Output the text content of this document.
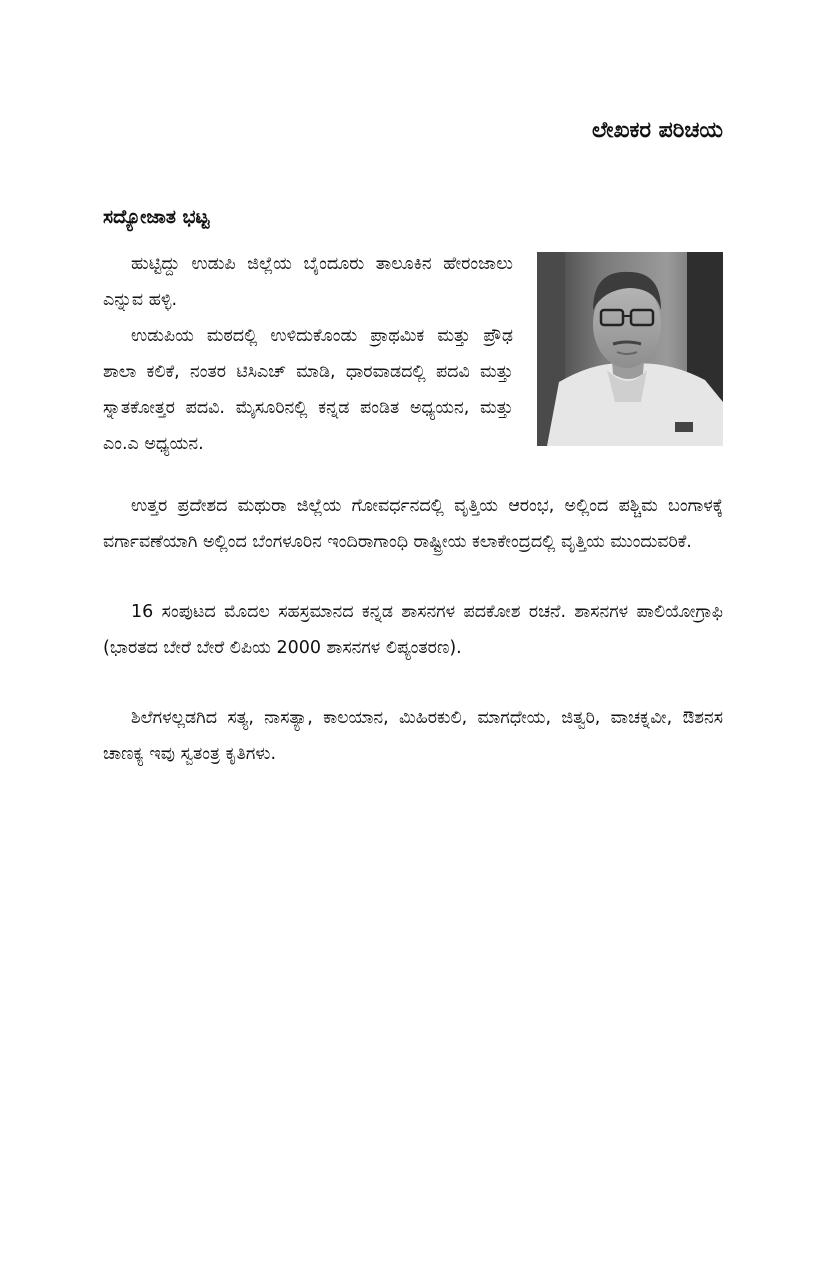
ಲೇಖಕರ ಪರಿಚಯ
ಸದ್ಯೋಜಾತ ಭಟ್ಟ

ಹುಟ್ಟಿದ್ದು ಉಡುಪಿ ಜಿಲ್ಲೆಯ ಬೈಂದೂರು ತಾಲೂಕಿನ ಹೇರಂಜಾಲು ಎನ್ನುವ ಹಳ್ಳಿ.

ಉಡುಪಿಯ ಮಠದಲ್ಲಿ ಉಳಿದುಕೊಂಡು ಪ್ರಾಥಮಿಕ ಮತ್ತು ಪ್ರೌಢ ಶಾಲಾ ಕಲಿಕೆ, ನಂತರ ಟಿಸಿಎಚ್ ಮಾಡಿ, ಧಾರವಾಡದಲ್ಲಿ ಪದವಿ ಮತ್ತು ಸ್ನಾತಕೋತ್ತರ ಪದವಿ. ಮೈಸೂರಿನಲ್ಲಿ ಕನ್ನಡ ಪಂಡಿತ ಅಧ್ಯಯನ, ಮತ್ತು ಎಂ.ಎ ಅಧ್ಯಯನ.

ಉತ್ತರ ಪ್ರದೇಶದ ಮಥುರಾ ಜಿಲ್ಲೆಯ ಗೋವರ್ಧನದಲ್ಲಿ ವೃತ್ತಿಯ ಆರಂಭ, ಅಲ್ಲಿಂದ ಪಶ್ಚಿಮ ಬಂಗಾಳಕ್ಕೆ ವರ್ಗಾವಣೆಯಾಗಿ ಅಲ್ಲಿಂದ ಬೆಂಗಳೂರಿನ ಇಂದಿರಾಗಾಂಧಿ ರಾಷ್ಟ್ರೀಯ ಕಲಾಕೇಂದ್ರದಲ್ಲಿ ವೃತ್ತಿಯ ಮುಂದುವರಿಕೆ.

16 ಸಂಪುಟದ ಮೊದಲ ಸಹಸ್ರಮಾನದ ಕನ್ನಡ ಶಾಸನಗಳ ಪದಕೋಶ ರಚನೆ. ಶಾಸನಗಳ ಪಾಲಿಯೋಗ್ರಾಫಿ (ಭಾರತದ ಬೇರೆ ಬೇರೆ ಲಿಪಿಯ 2000 ಶಾಸನಗಳ ಲಿಪ್ಯಂತರಣ).

ಶಿಲೆಗಳಲ್ಲಡಗಿದ ಸತ್ಯ, ನಾಸತ್ಯಾ, ಕಾಲಯಾನ, ಮಿಹಿರಕುಲಿ, ಮಾಗಧೇಯ, ಜಿತ್ವರಿ, ವಾಚಕ್ನವೀ, ಔಶನಸ ಚಾಣಕ್ಯ ಇವು ಸ್ವತಂತ್ರ ಕೃತಿಗಳು.
